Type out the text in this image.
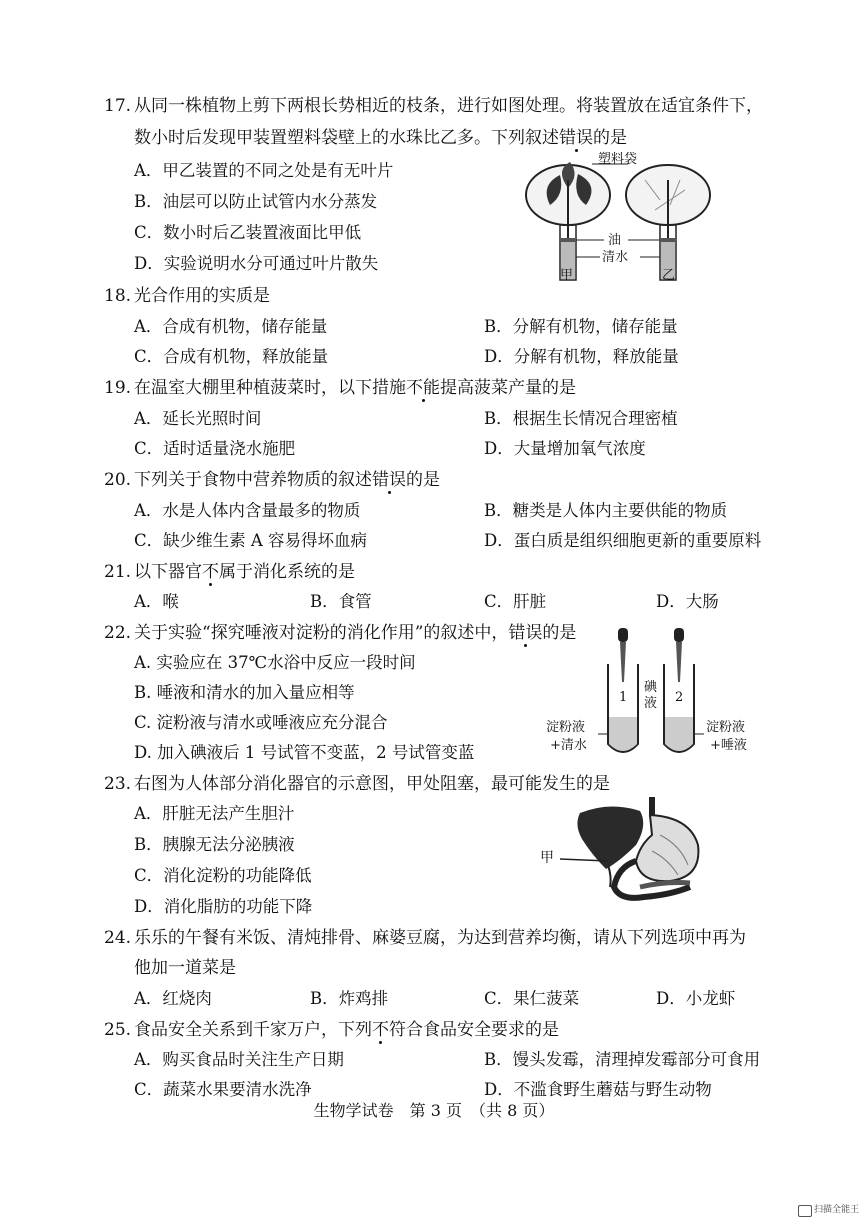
17. 从同一株植物上剪下两根长势相近的枝条，进行如图处理。将装置放在适宜条件下，
数小时后发现甲装置塑料袋壁上的水珠比乙多。下列叙述错误的是
A．甲乙装置的不同之处是有无叶片
B．油层可以防止试管内水分蒸发
C．数小时后乙装置液面比甲低
D．实验说明水分可通过叶片散失
塑料袋
油
清水
甲	乙
18. 光合作用的实质是
A．合成有机物，储存能量	B．分解有机物，储存能量
C．合成有机物，释放能量	D．分解有机物，释放能量
19. 在温室大棚里种植菠菜时，以下措施不能提高菠菜产量的是
A．延长光照时间	B．根据生长情况合理密植
C．适时适量浇水施肥	D．大量增加氧气浓度
20. 下列关于食物中营养物质的叙述错误的是
A．水是人体内含量最多的物质	B．糖类是人体内主要供能的物质
C．缺少维生素 A 容易得坏血病	D．蛋白质是组织细胞更新的重要原料
21. 以下器官不属于消化系统的是
A．喉	B．食管	C．肝脏	D．大肠
22. 关于实验“探究唾液对淀粉的消化作用”的叙述中，错误的是
A. 实验应在 37℃水浴中反应一段时间
B. 唾液和清水的加入量应相等
C. 淀粉液与清水或唾液应充分混合
D. 加入碘液后 1 号试管不变蓝，2 号试管变蓝
碘
液
1	2
淀粉液
+清水
淀粉液
+唾液
23. 右图为人体部分消化器官的示意图，甲处阻塞，最可能发生的是
A．肝脏无法产生胆汁
B．胰腺无法分泌胰液
C．消化淀粉的功能降低
D．消化脂肪的功能下降
甲
24. 乐乐的午餐有米饭、清炖排骨、麻婆豆腐，为达到营养均衡，请从下列选项中再为
他加一道菜是
A．红烧肉	B．炸鸡排	C．果仁菠菜	D．小龙虾
25. 食品安全关系到千家万户，下列不符合食品安全要求的是
A．购买食品时关注生产日期	B．馒头发霉，清理掉发霉部分可食用
C．蔬菜水果要清水洗净	D．不滥食野生蘑菇与野生动物
生物学试卷　第 3 页　（共 8 页）
扫描全能王
